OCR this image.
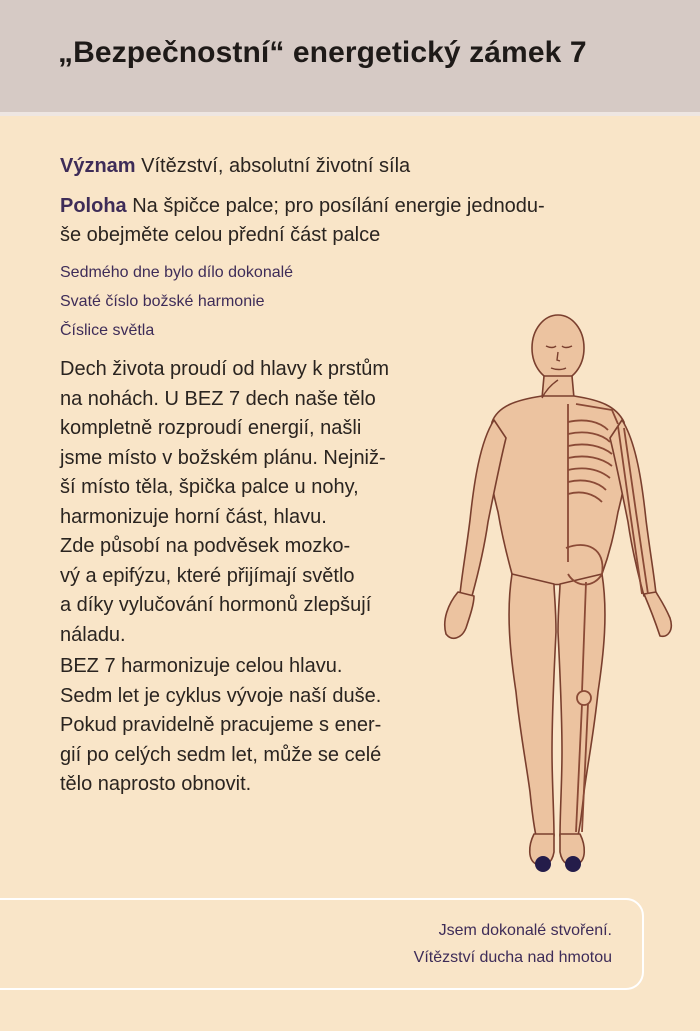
„Bezpečnostní“ energetický zámek 7
Význam Vítězství, absolutní životní síla
Poloha Na špičce palce; pro posílání energie jednodu-
še obejměte celou přední část palce
Sedmého dne bylo dílo dokonalé
Svaté číslo božské harmonie
Číslice světla
Dech života proudí od hlavy k prstům
na nohách. U BEZ 7 dech naše tělo
kompletně rozproudí energií, našli
jsme místo v božském plánu. Nejniž-
ší místo těla, špička palce u nohy,
harmonizuje horní část, hlavu.
Zde působí na podvěsek mozko-
vý a epifýzu, které přijímají světlo
a díky vylučování hormonů zlepšují
náladu.
BEZ 7 harmonizuje celou hlavu.
Sedm let je cyklus vývoje naší duše.
Pokud pravidelně pracujeme s ener-
gií po celých sedm let, může se celé
tělo naprosto obnovit.
Jsem dokonalé stvoření.
Vítězství ducha nad hmotou
